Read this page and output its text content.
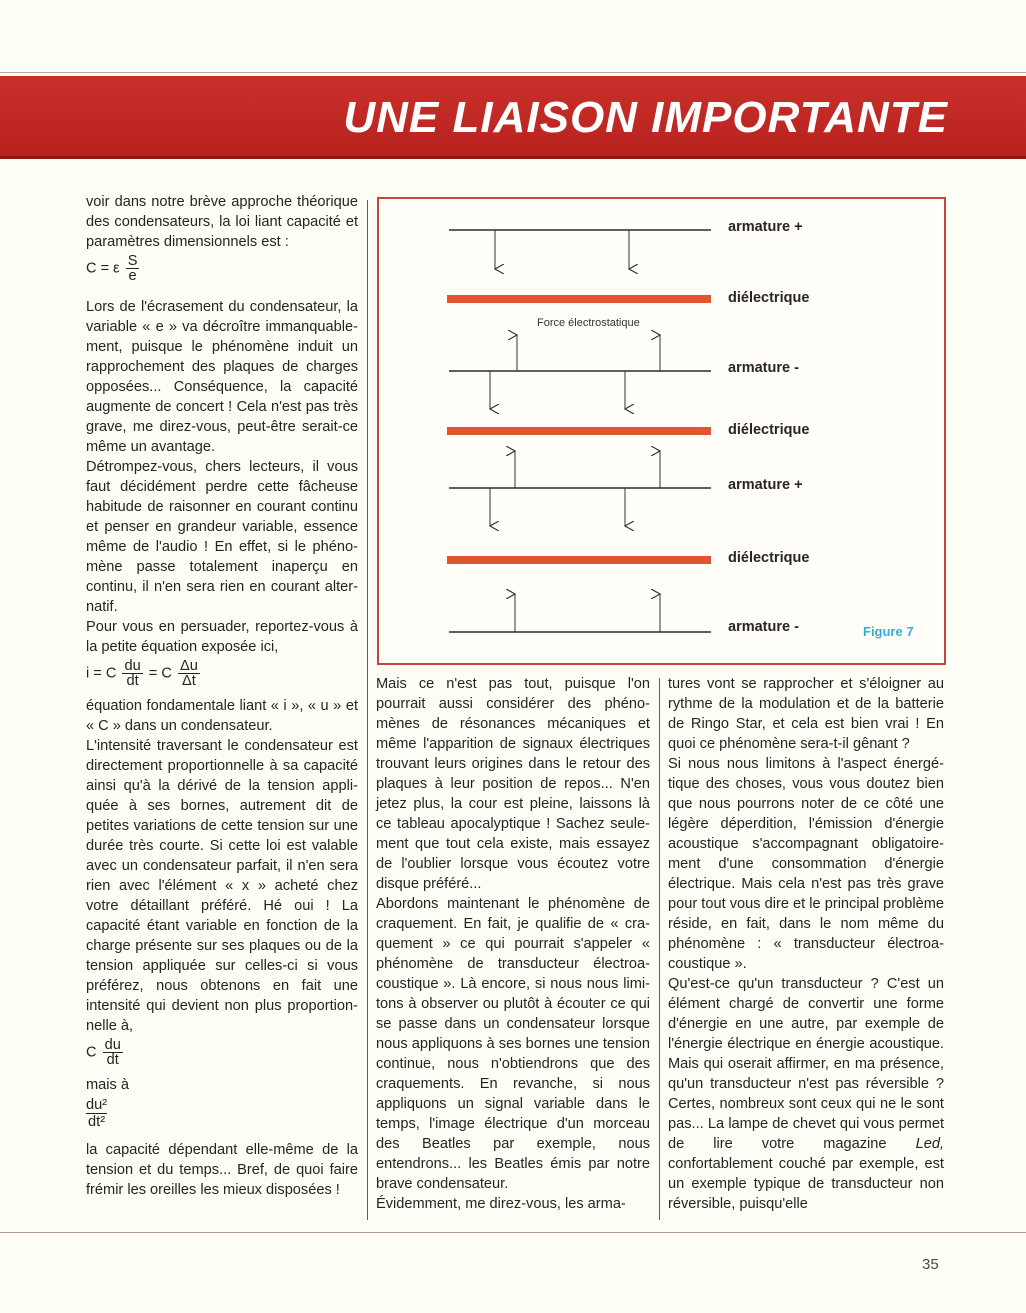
UNE LIAISON IMPORTANTE

voir dans notre brève approche théorique des condensateurs, la loi liant capacité et paramètres dimensionnels est :

C = ε $\frac{S}{e}$

Lors de l'écrasement du condensateur, la variable « e » va décroître immanquablement, puisque le phénomène induit un rapprochement des plaques de charges opposées... Conséquence, la capacité augmente de concert ! Cela n'est pas très grave, me direz-vous, peut-être serait-ce même un avantage.

Détrompez-vous, chers lecteurs, il vous faut décidément perdre cette fâcheuse habitude de raisonner en courant continu et penser en grandeur variable, essence même de l'audio ! En effet, si le phénomène passe totalement inaperçu en continu, il n'en sera rien en courant alternatif.

Pour vous en persuader, reportez-vous à la petite équation exposée ici,

i = C $\frac{du}{dt} = C \frac{\Delta u}{\Delta t}$

équation fondamentale liant « i », « u » et « C » dans un condensateur.

L'intensité traversant le condensateur est directement proportionnelle à sa capacité ainsi qu'à la dérivé de la tension appliquée à ses bornes, autrement dit de petites variations de cette tension sur une durée très courte. Si cette loi est valable avec un condensateur parfait, il n'en sera rien avec l'élément « x » acheté chez votre détaillant préféré. Hé oui ! La capacité étant variable en fonction de la charge présente sur ses plaques ou de la tension appliquée sur celles-ci si vous préférez, nous obtenons en fait une intensité qui devient non plus proportionnelle à,

C $\frac{du}{dt}$

mais à

$\frac{\text{du²}}{\text{dt²}}$

la capacité dépendant elle-même de la tension et du temps... Bref, de quoi faire frémir les oreilles les mieux disposées !

Force électrostatique
armature +
diélectrique
armature -
diélectrique
armature +
diélectrique
armature -	Figure 7

Mais ce n'est pas tout, puisque l'on pourrait aussi considérer des phénomènes de résonances mécaniques et même l'apparition de signaux électriques trouvant leurs origines dans le retour des plaques à leur position de repos... N'en jetez plus, la cour est pleine, laissons là ce tableau apocalyptique ! Sachez seulement que tout cela existe, mais essayez de l'oublier lorsque vous écoutez votre disque préféré...

Abordons maintenant le phénomène de craquement. En fait, je qualifie de « craquement » ce qui pourrait s'appeler « phénomène de transducteur électroacoustique ». Là encore, si nous nous limitons à observer ou plutôt à écouter ce qui se passe dans un condensateur lorsque nous appliquons à ses bornes une tension continue, nous n'obtiendrons que des craquements. En revanche, si nous appliquons un signal variable dans le temps, l'image électrique d'un morceau des Beatles par exemple, nous entendrons... les Beatles émis par notre brave condensateur.

Évidemment, me direz-vous, les arma-

tures vont se rapprocher et s'éloigner au rythme de la modulation et de la batterie de Ringo Star, et cela est bien vrai ! En quoi ce phénomène sera-t-il gênant ?

Si nous nous limitons à l'aspect énergétique des choses, vous vous doutez bien que nous pourrons noter de ce côté une légère déperdition, l'émission d'énergie acoustique s'accompagnant obligatoirement d'une consommation d'énergie électrique. Mais cela n'est pas très grave pour tout vous dire et le principal problème réside, en fait, dans le nom même du phénomène : « transducteur électroacoustique ».

Qu'est-ce qu'un transducteur ? C'est un élément chargé de convertir une forme d'énergie en une autre, par exemple de l'énergie électrique en énergie acoustique. Mais qui oserait affirmer, en ma présence, qu'un transducteur n'est pas réversible ? Certes, nombreux sont ceux qui ne le sont pas... La lampe de chevet qui vous permet de lire votre magazine Led, confortablement couché par exemple, est un exemple typique de transducteur non réversible, puisqu'elle

35
